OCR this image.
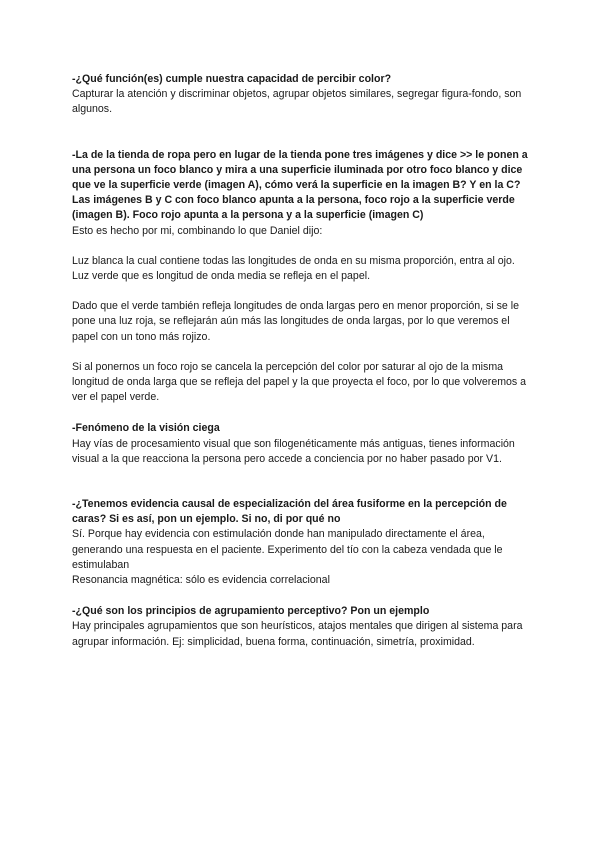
-¿Qué función(es) cumple nuestra capacidad de percibir color?

Capturar la atención y discriminar objetos, agrupar objetos similares, segregar figura-fondo, son algunos.

-La de la tienda de ropa pero en lugar de la tienda pone tres imágenes y dice >> le ponen a una persona un foco blanco y mira a una superficie iluminada por otro foco blanco y dice que ve la superficie verde (imagen A), cómo verá la superficie en la imagen B? Y en la C? Las imágenes B y C con foco blanco apunta a la persona, foco rojo a la superficie verde (imagen B). Foco rojo apunta a la persona y a la superficie (imagen C)

Esto es hecho por mi, combinando lo que Daniel dijo:

Luz blanca la cual contiene todas las longitudes de onda en su misma proporción, entra al ojo.
Luz verde que es longitud de onda media se refleja en el papel.

Dado que el verde también refleja longitudes de onda largas pero en menor proporción, si se le pone una luz roja, se reflejarán aún más las longitudes de onda largas, por lo que veremos el papel con un tono más rojizo.

Si al ponernos un foco rojo se cancela la percepción del color por saturar al ojo de la misma longitud de onda larga que se refleja del papel y la que proyecta el foco, por lo que volveremos a ver el papel verde.

-Fenómeno de la visión ciega

Hay vías de procesamiento visual que son filogenéticamente más antiguas, tienes información visual a la que reacciona la persona pero accede a conciencia por no haber pasado por V1.

-¿Tenemos evidencia causal de especialización del área fusiforme en la percepción de caras? Si es así, pon un ejemplo. Si no, di por qué no

Sí. Porque hay evidencia con estimulación donde han manipulado directamente el área, generando una respuesta en el paciente. Experimento del tío con la cabeza vendada que le estimulaban
Resonancia magnética: sólo es evidencia correlacional

-¿Qué son los principios de agrupamiento perceptivo? Pon un ejemplo

Hay principales agrupamientos que son heurísticos, atajos mentales que dirigen al sistema para agrupar información. Ej: simplicidad, buena forma, continuación, simetría, proximidad.
